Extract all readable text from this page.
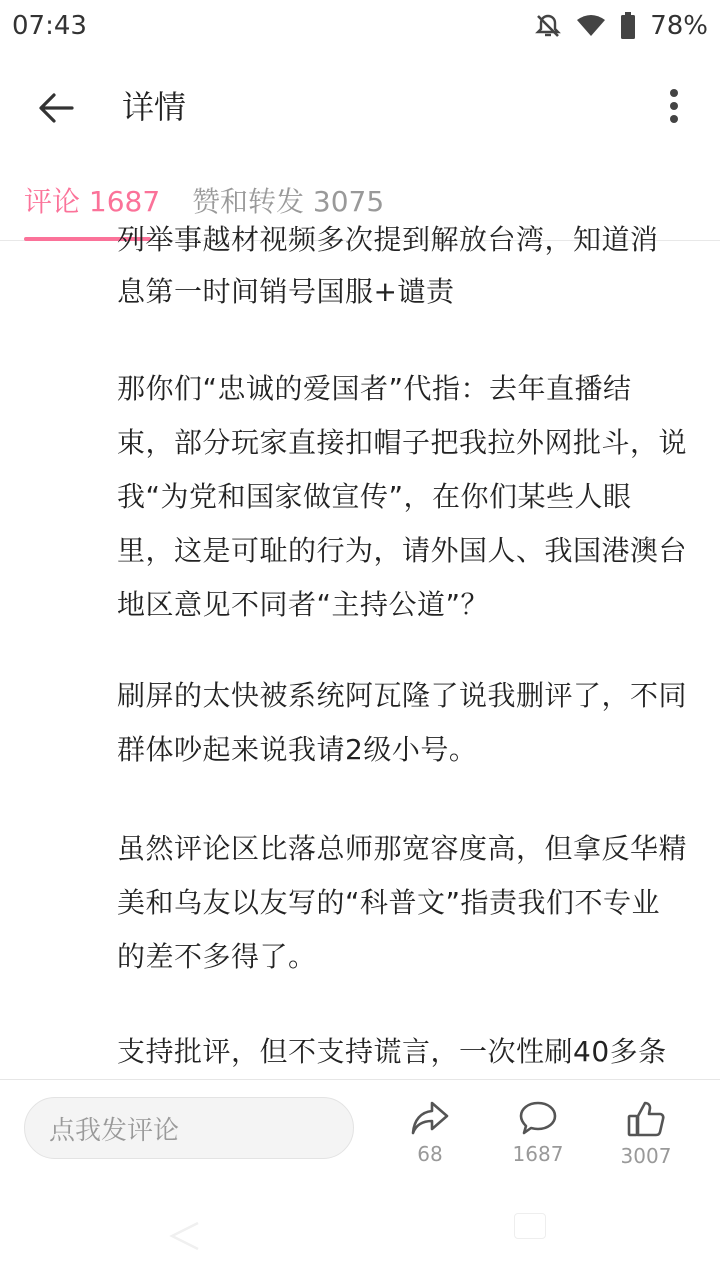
07:43	78%
详情
评论 1687 赞和转发 3075
列举事越材视频多次提到解放台湾，知道消
息第一时间销号国服+谴责
那你们“忠诚的爱国者”代指：去年直播结束，部分玩家直接扣帽子把我拉外网批斗，说我“为党和国家做宣传”，在你们某些人眼里，这是可耻的行为，请外国人、我国港澳台地区意见不同者“主持公道”？
刷屏的太快被系统阿瓦隆了说我删评了，不同群体吵起来说我请2级小号。
虽然评论区比落总师那宽容度高，但拿反华精美和乌友以友写的“科普文”指责我们不专业的差不多得了。
支持批评，但不支持谎言，一次性刷40多条
点我发评论
68	1687	3007
